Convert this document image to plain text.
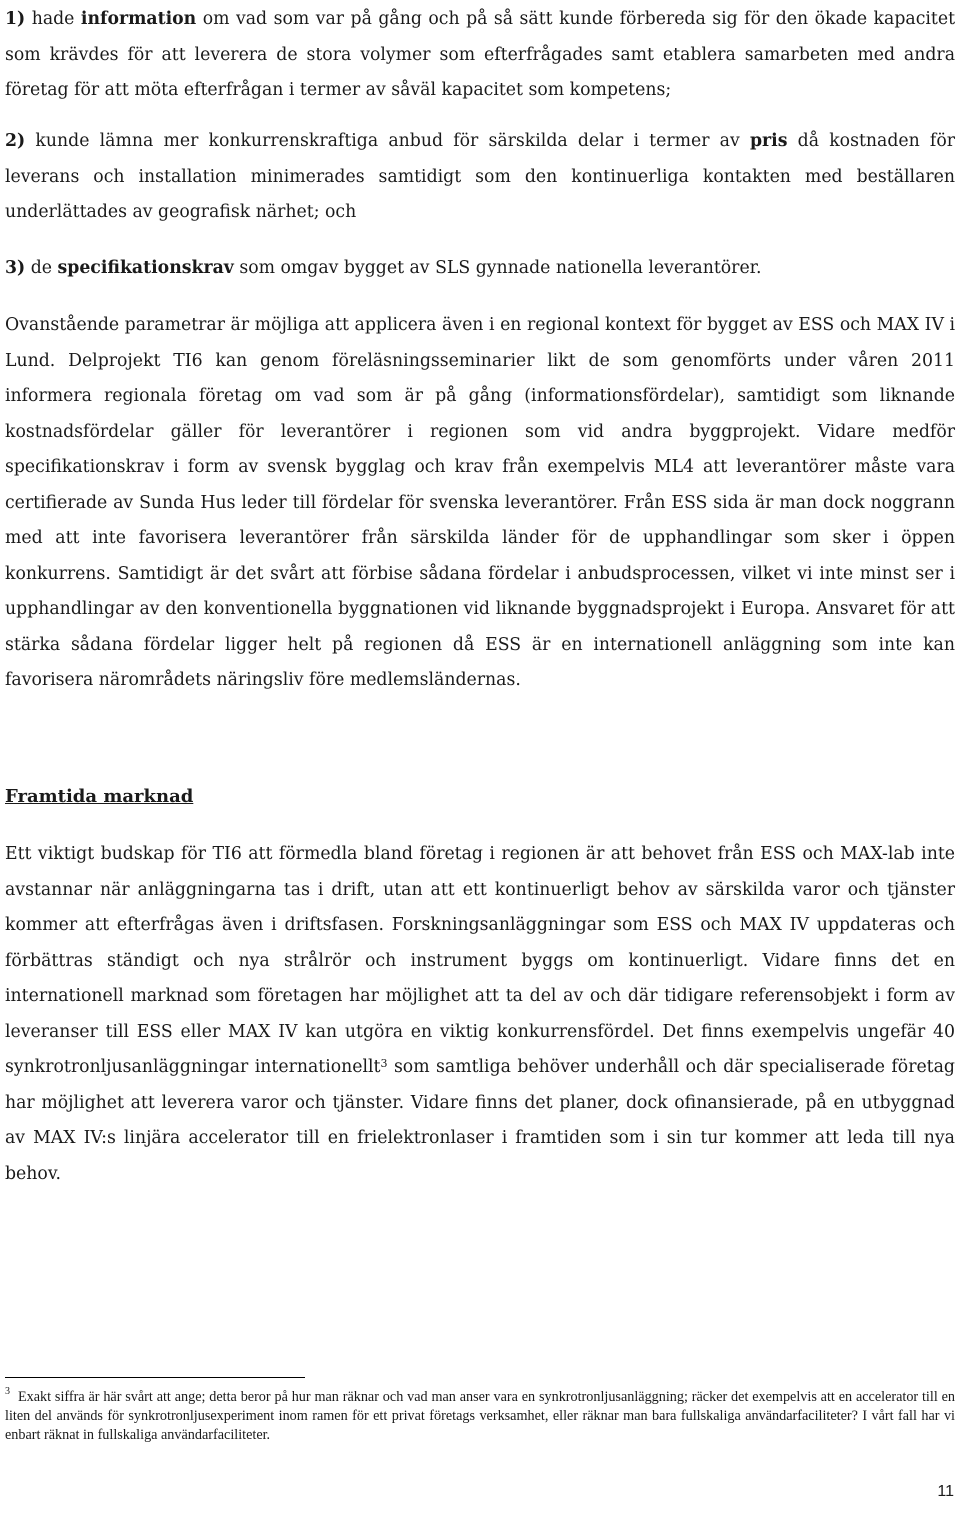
1) hade information om vad som var på gång och på så sätt kunde förbereda sig för den ökade kapacitet som krävdes för att leverera de stora volymer som efterfrågades samt etablera samarbeten med andra företag för att möta efterfrågan i termer av såväl kapacitet som kompetens;

2) kunde lämna mer konkurrenskraftiga anbud för särskilda delar i termer av pris då kostnaden för leverans och installation minimerades samtidigt som den kontinuerliga kontakten med beställaren underlättades av geografisk närhet; och

3) de specifikationskrav som omgav bygget av SLS gynnade nationella leverantörer.

Ovanstående parametrar är möjliga att applicera även i en regional kontext för bygget av ESS och MAX IV i Lund. Delprojekt TI6 kan genom föreläsningsseminarier likt de som genomförts under våren 2011 informera regionala företag om vad som är på gång (informationsfördelar), samtidigt som liknande kostnadsfördelar gäller för leverantörer i regionen som vid andra byggprojekt. Vidare medför specifikationskrav i form av svensk bygglag och krav från exempelvis ML4 att leverantörer måste vara certifierade av Sunda Hus leder till fördelar för svenska leverantörer. Från ESS sida är man dock noggrann med att inte favorisera leverantörer från särskilda länder för de upphandlingar som sker i öppen konkurrens. Samtidigt är det svårt att förbise sådana fördelar i anbudsprocessen, vilket vi inte minst ser i upphandlingar av den konventionella byggnationen vid liknande byggnadsprojekt i Europa. Ansvaret för att stärka sådana fördelar ligger helt på regionen då ESS är en internationell anläggning som inte kan favorisera närområdets näringsliv före medlemsländernas.

Framtida marknad

Ett viktigt budskap för TI6 att förmedla bland företag i regionen är att behovet från ESS och MAX-lab inte avstannar när anläggningarna tas i drift, utan att ett kontinuerligt behov av särskilda varor och tjänster kommer att efterfrågas även i driftsfasen. Forskningsanläggningar som ESS och MAX IV uppdateras och förbättras ständigt och nya strålrör och instrument byggs om kontinuerligt. Vidare finns det en internationell marknad som företagen har möjlighet att ta del av och där tidigare referensobjekt i form av leveranser till ESS eller MAX IV kan utgöra en viktig konkurrensfördel. Det finns exempelvis ungefär 40 synkrotronljusanläggningar internationellt$^3$ som samtliga behöver underhåll och där specialiserade företag har möjlighet att leverera varor och tjänster. Vidare finns det planer, dock ofinansierade, på en utbyggnad av MAX IV:s linjära accelerator till en frielektronlaser i framtiden som i sin tur kommer att leda till nya behov.

$^3$ Exakt siffra är här svårt att ange; detta beror på hur man räknar och vad man anser vara en synkrotronljusanläggning; räcker det exempelvis att en accelerator till en liten del används för synkrotronljusexperiment inom ramen för ett privat företags verksamhet, eller räknar man bara fullskaliga användarfaciliteter? I vårt fall har vi enbart räknat in fullskaliga användarfaciliteter.
11
